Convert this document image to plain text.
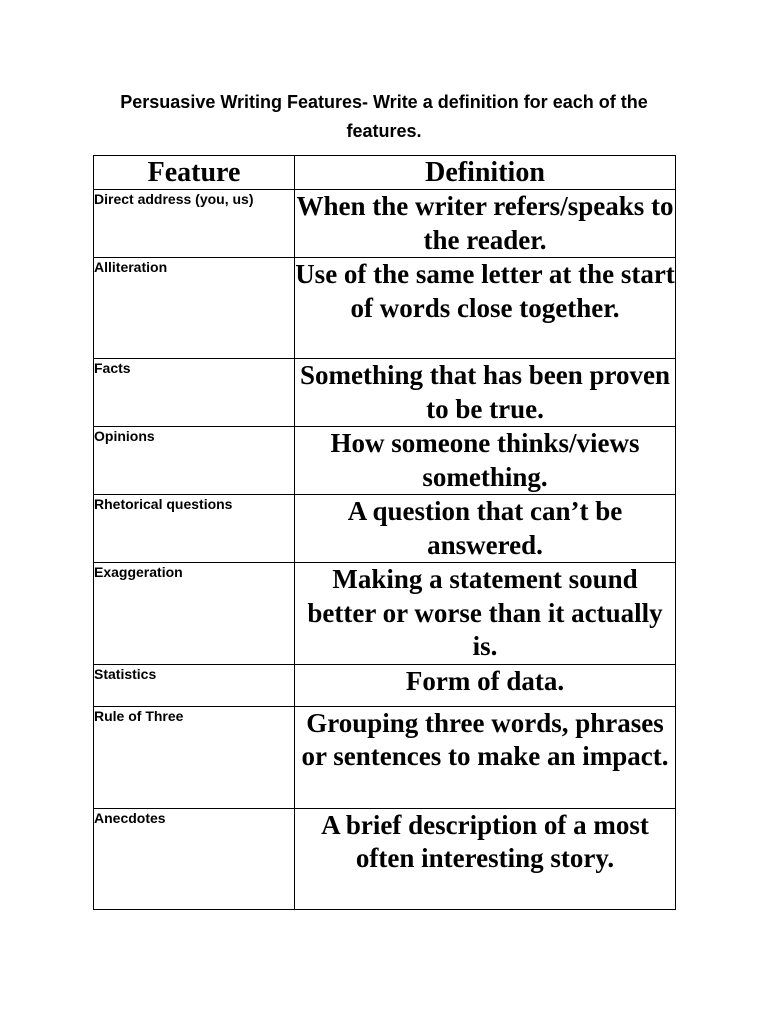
Persuasive Writing Features- Write a definition for each of the features.
Feature	Definition
Direct address (you, us)	When the writer refers/speaks to the reader.
Alliteration	Use of the same letter at the start of words close together.
Facts	Something that has been proven to be true.
Opinions	How someone thinks/views something.
Rhetorical questions	A question that can’t be answered.
Exaggeration	Making a statement sound better or worse than it actually is.
Statistics	Form of data.
Rule of Three	Grouping three words, phrases or sentences to make an impact.
Anecdotes	A brief description of a most often interesting story.
